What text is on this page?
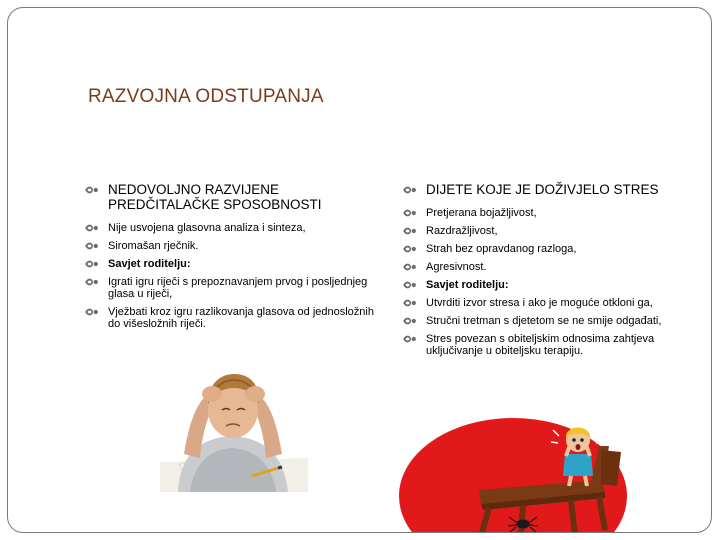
RAZVOJNA ODSTUPANJA
NEDOVOLJNO RAZVIJENE PREDČITALAČKE SPOSOBNOSTI
Nije usvojena glasovna analiza i sinteza,
Siromašan rječnik.
Savjet roditelju:
Igrati igru riječi s prepoznavanjem prvog i posljednjeg glasa u riječi,
Vježbati kroz igru razlikovanja glasova od jednosložnih do višesložnih riječi.
DIJETE KOJE JE DOŽIVJELO STRES
Pretjerana bojažljivost,
Razdražljivost,
Strah bez opravdanog razloga,
Agresivnost.
Savjet roditelju:
Utvrditi izvor stresa i ako je moguće otkloni ga,
Stručni tretman s djetetom se ne smije odgađati,
Stres povezan s obiteljskim odnosima zahtjeva uključivanje u obiteljsku terapiju.
